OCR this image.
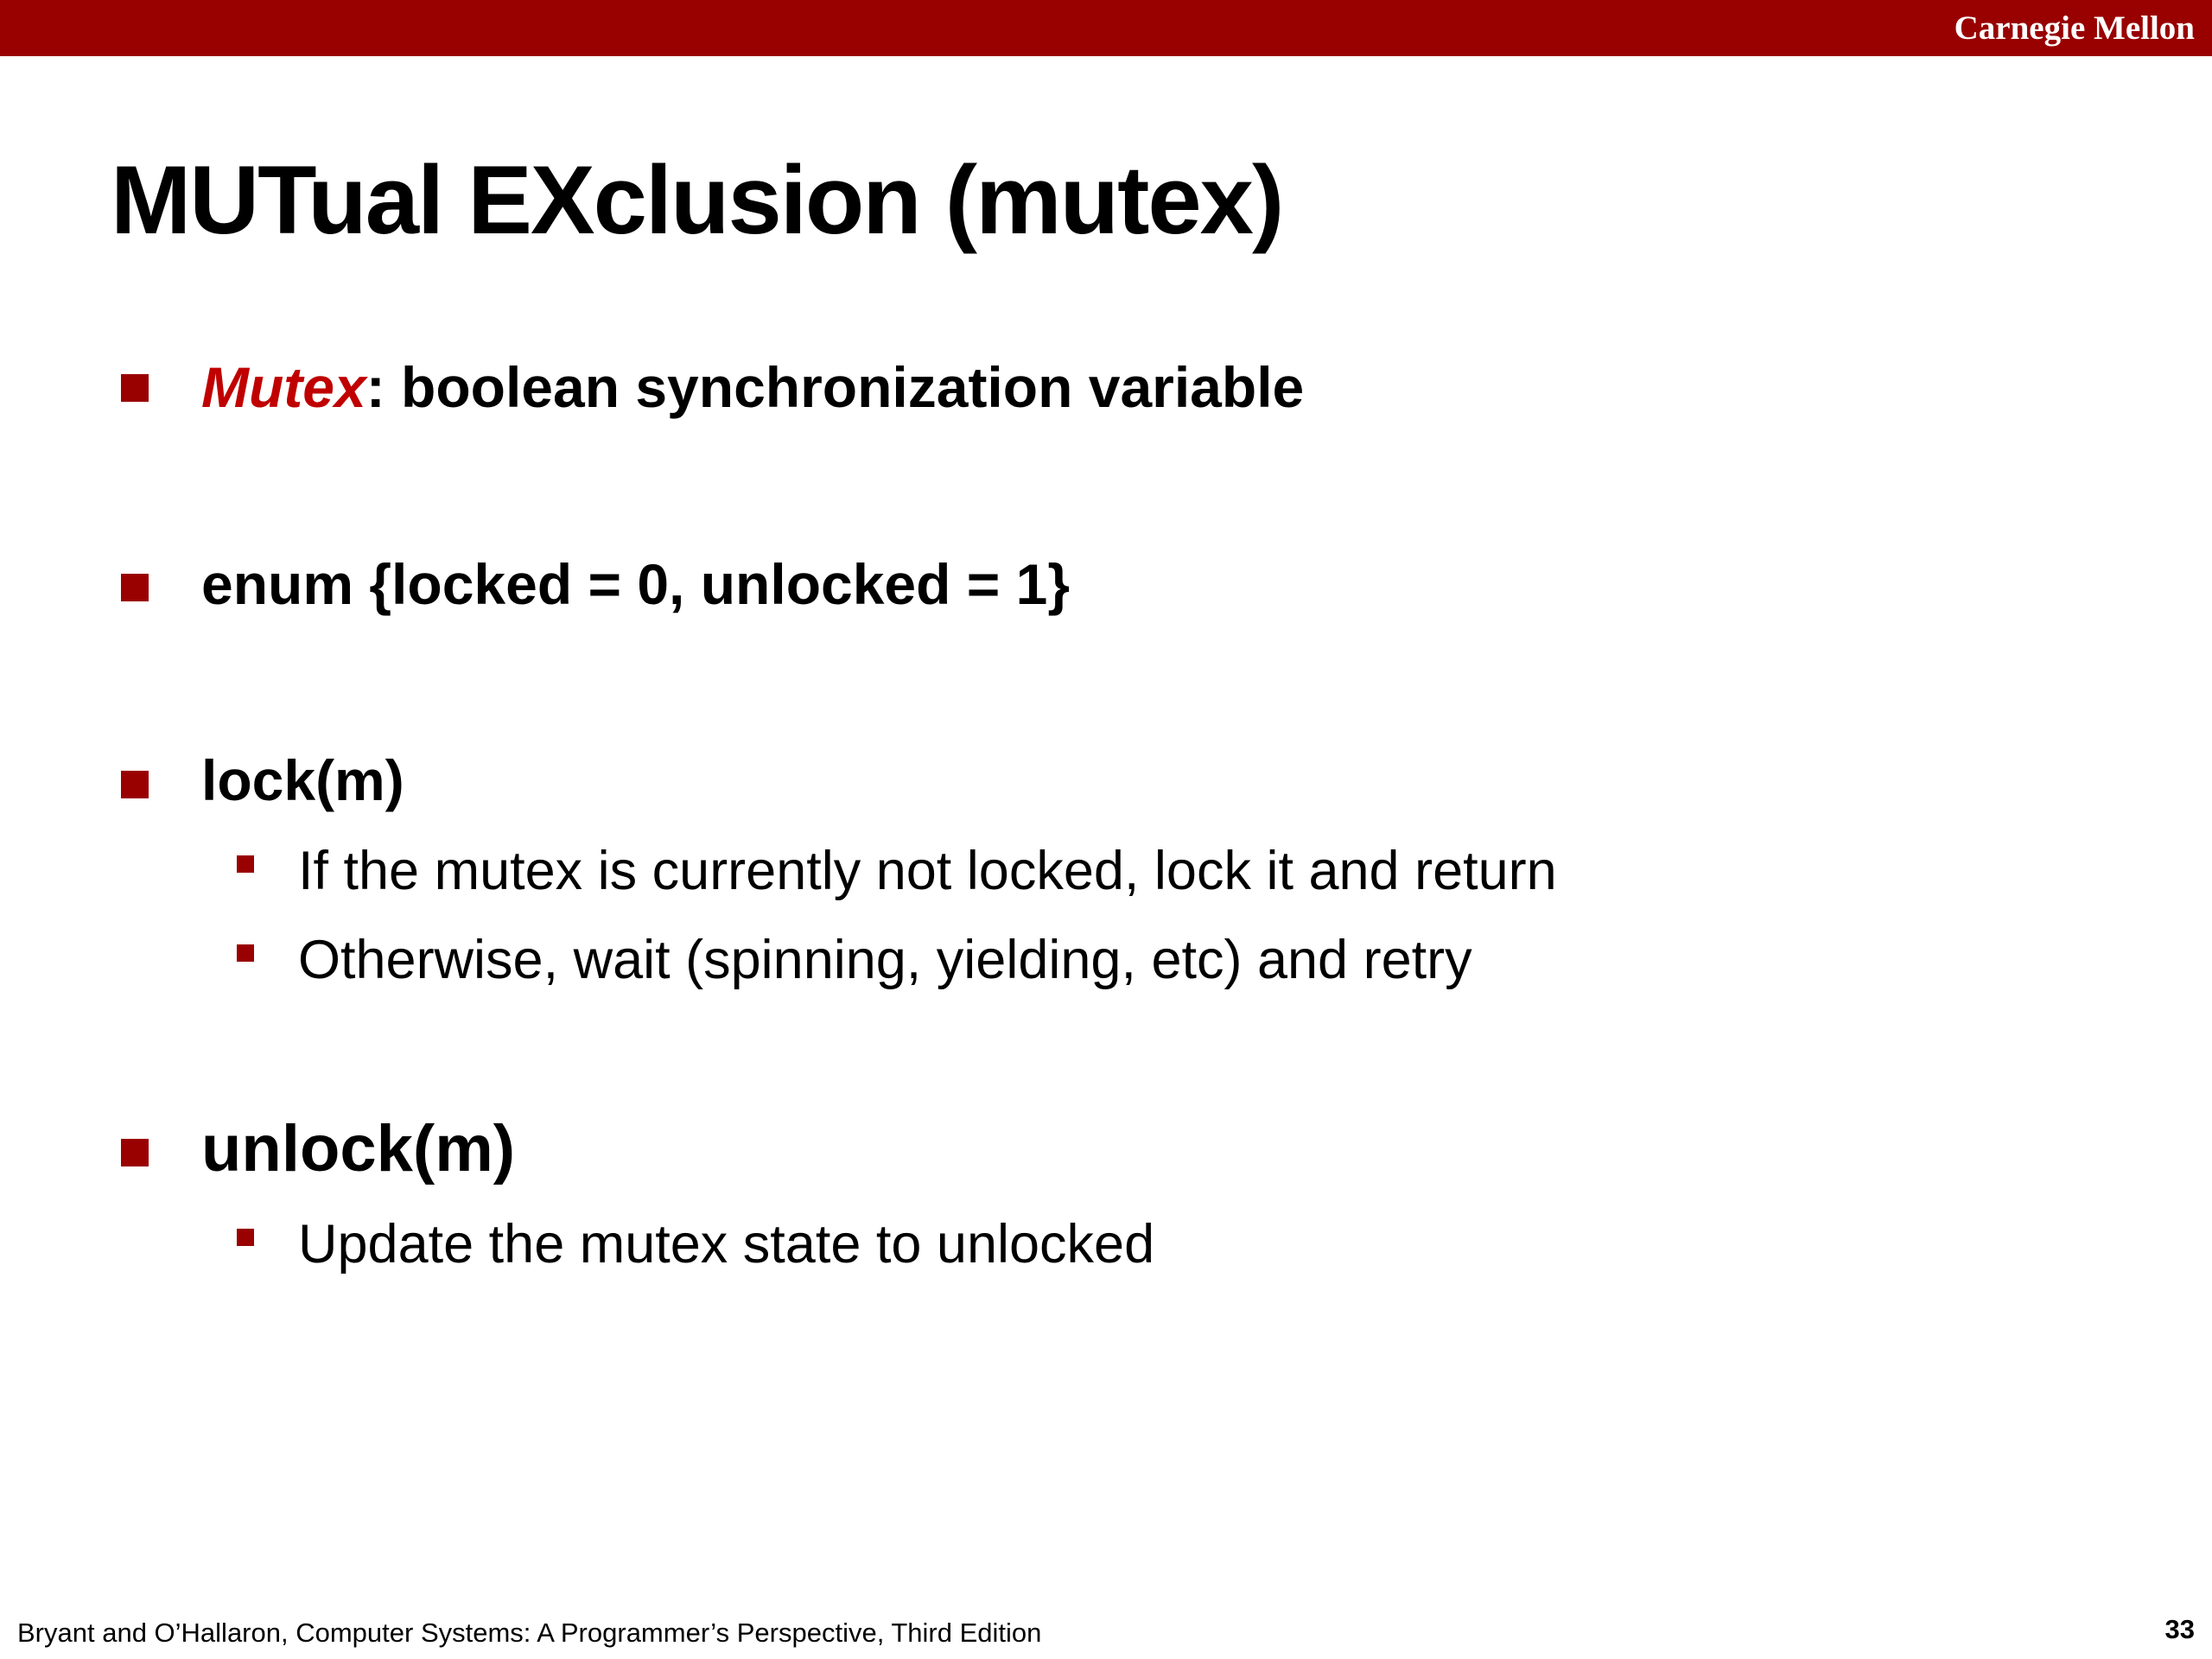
Carnegie Mellon
MUTual EXclusion (mutex)
Mutex: boolean synchronization variable
enum {locked = 0, unlocked = 1}
lock(m)
If the mutex is currently not locked, lock it and return
Otherwise, wait (spinning, yielding, etc) and retry
unlock(m)
Update the mutex state to unlocked
Bryant and O’Hallaron, Computer Systems: A Programmer’s Perspective, Third Edition	33
